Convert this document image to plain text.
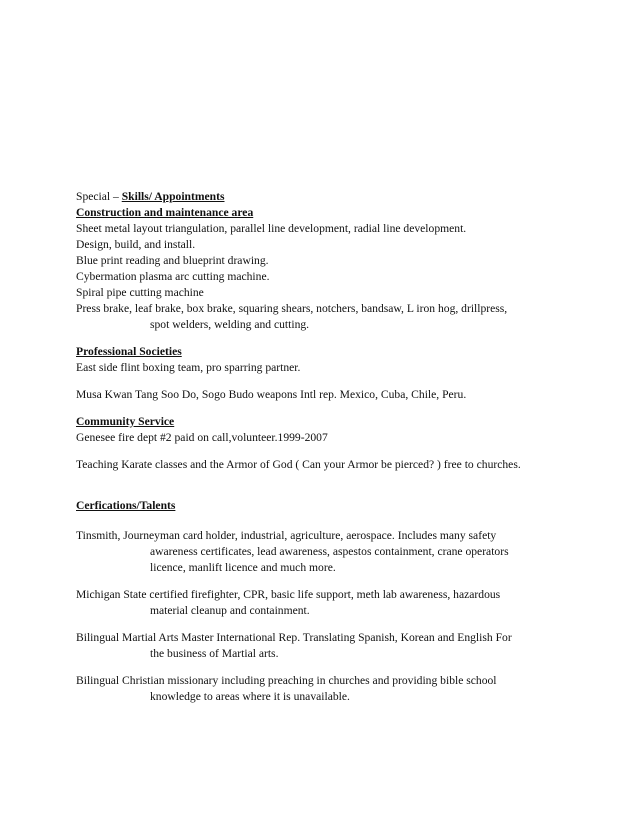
Special – Skills/ Appointments
Construction and maintenance area
Sheet metal layout triangulation, parallel line development, radial line development.
Design, build, and install.
Blue print reading and blueprint drawing.
Cybermation plasma arc cutting machine.
Spiral pipe cutting machine
Press brake, leaf brake, box brake, squaring shears, notchers, bandsaw, L iron hog, drillpress,
spot welders, welding and cutting.
Professional Societies
East side flint boxing team, pro sparring partner.
Musa Kwan Tang Soo Do, Sogo Budo weapons Intl rep. Mexico, Cuba, Chile, Peru.
Community Service
Genesee fire dept #2 paid on call,volunteer.1999-2007
Teaching Karate classes and the Armor of God ( Can your Armor be pierced? ) free to churches.
Cerfications/Talents
Tinsmith, Journeyman card holder, industrial, agriculture, aerospace. Includes many safety
awareness certificates, lead awareness, aspestos containment, crane operators
licence, manlift licence and much more.
Michigan State certified firefighter, CPR, basic life support, meth lab awareness, hazardous
material cleanup and containment.
Bilingual Martial Arts Master International Rep. Translating Spanish, Korean and English For
the business of Martial arts.
Bilingual Christian missionary including preaching in churches and providing bible school
knowledge to areas where it is unavailable.
